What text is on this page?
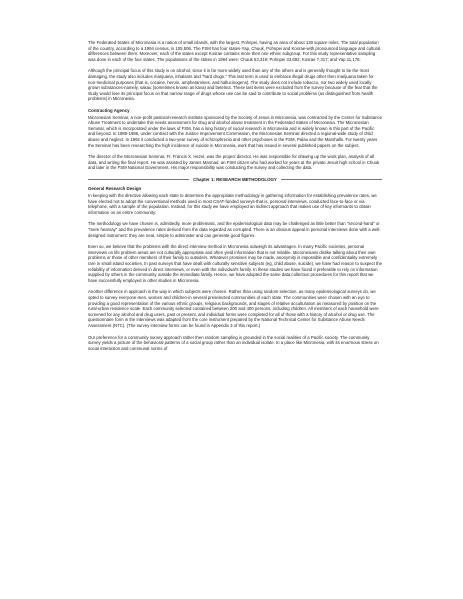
The Federated States of Micronesia is a nation of small islands, with the largest, Pohnpei, having an area of about 130 square miles. The total population of the country, according to a 1994 census, is 105,506. The FSM has four states-Yap, Chuuk, Pohnpei and Kosrae-with pronounced language and cultural differences between them. Moreover, each of the states except Kosrae contains more then one ethnic subgroup. For this study representative sampling was done in each of the four states. The populations of the states in 1994 were: Chuuk 53,319; Pohnpei 33,692; Kosrae 7,317; and Yap 11,178.

Although the principal focus of this study is on alcohol, since it is far more widely used than any of the others and is generally thought to be the most damaging, the study also includes marijuana, inhalants and "hard drugs." This last term is used to embrace illegal drugs other then marijuana taken for non-medicinal purposes (that is, cocaine, heroin, amphetamines, and hallucinogens). The study does not include tobacco, nor two widely used locally grown substances-namely, sakau (sometimes known as kava) and betelnut. These last items were excluded from the survey because of the fear that the study would lose its principal focus on that narrow range of drugs whose use can be said to contribute to social problems (as distinguished from health problems) in Micronesia.

Contracting Agency

Micronesian Seminar, a non-profit pastoral-research institute sponsored by the Society of Jesus in Micronesia, was contracted by the Center for Substance Abuse Treatment to undertake this needs assessment for drug and alcohol abuse treatment in the Federated States of Micronesia. The Micronesian Seminar, which is incorporated under the laws of FSM, has a long history of social research in Micronesia and is widely known in this part of the Pacific and beyond. In 1985-1986, under contract with the Justice Improvement Commission, the Micronesian Seminar directed a regional-wide study of child abuse and neglect. In 1992 it conducted a two-year survey of schizophrenia and other psychoses in the FSM, Palau and the Marshalls. For twenty years the Seminar has been researching the high incidence of suicide in Micronesia, work that has issued in several published papers on the subject.

The director of the Micronesian Seminar, Fr. Francis X. Hezel, was the project director. He was responsible for drawing up the work plan, analysis of all data, and writing the final report. He was assisted by James Marmad, an FSM citizen who had worked for years at the private Jesuit high school in Chuuk and later in the FSM National Government. His major responsibility was conducting the survey and collecting the data.

Chapter 1: RESEARCH METHODOLOGY
General Research Design

In keeping with the directive allowing each state to determine the appropriate methodology in gathering information for establishing prevalence rates, we have elected not to adopt the conventional methods used in most CSAT-funded surveys-that is, personal interviews, conducted face-to-face or via telephone, with a sample of the population. Instead, for this study we have employed an indirect approach that makes use of key informants to obtain information on an entire community.

The methodology we have chosen is, admittedly, more problematic, and the epidemiological data may be challenged as little better than "second-hand" or "mere hearsay" and the prevalence rates derived from the data regarded as corrupted. There is an obvious appeal in personal interviews done with a well-designed instrument: they are neat, simple to administer and can generate good figures.

Even so, we believe that the problems with the direct interview method in Micronesia outweigh its advantages. In many Pacific societies, personal interviews on life problem areas are not culturally appropriate and often yield information that is not reliable. Micronesians dislike talking about their own problems or those of other members of their family to outsiders. Whatever promises may be made, anonymity is impossible and confidentiality extremely rare in small island societies. In past surveys that have dealt with culturally sensitive subjects (eg, child abuse, suicide), we have had reason to suspect the reliability of information derived in direct interviews, or even with the individual's family. In these studies we have found it preferable to rely on information supplied by others in the community outside the immediate family. Hence, we have adopted the same data collection procedures for this report that we have successfully employed in other studies in Micronesia.

Another difference in approach is the way in which subjects were chosen. Rather than using random selection, as many epidemiological surveys do, we opted to survey everyone-men, women and children-in several preselected communities of each state. The communities were chosen with an eye to providing a good representation of the various ethnic groups, religious backgrounds, and stages of relative acculturation as measured by position on the rural-urban residence scale. Each community selected contained between 200 and 400 persons, including children. All members of each household were screened for any alcohol and drug users, past or present, and individual forms were completed for all of those with a history of alcohol or drug use. The questionnaire form in the interviews was adapted from the core instrument prepared by the National Technical Center for Substance Abuse Needs Assessment (NTC). (The survey interview forms can be found in Appendix 3 of this report.)

Our preference for a community survey approach rather then random sampling is grounded in the social realities of a Pacific society. The community survey yields a picture of the behavioral patterns of a social group rather than an individual isolate. In a place like Micronesia, with its enormous stress on social interaction and communal norms of
